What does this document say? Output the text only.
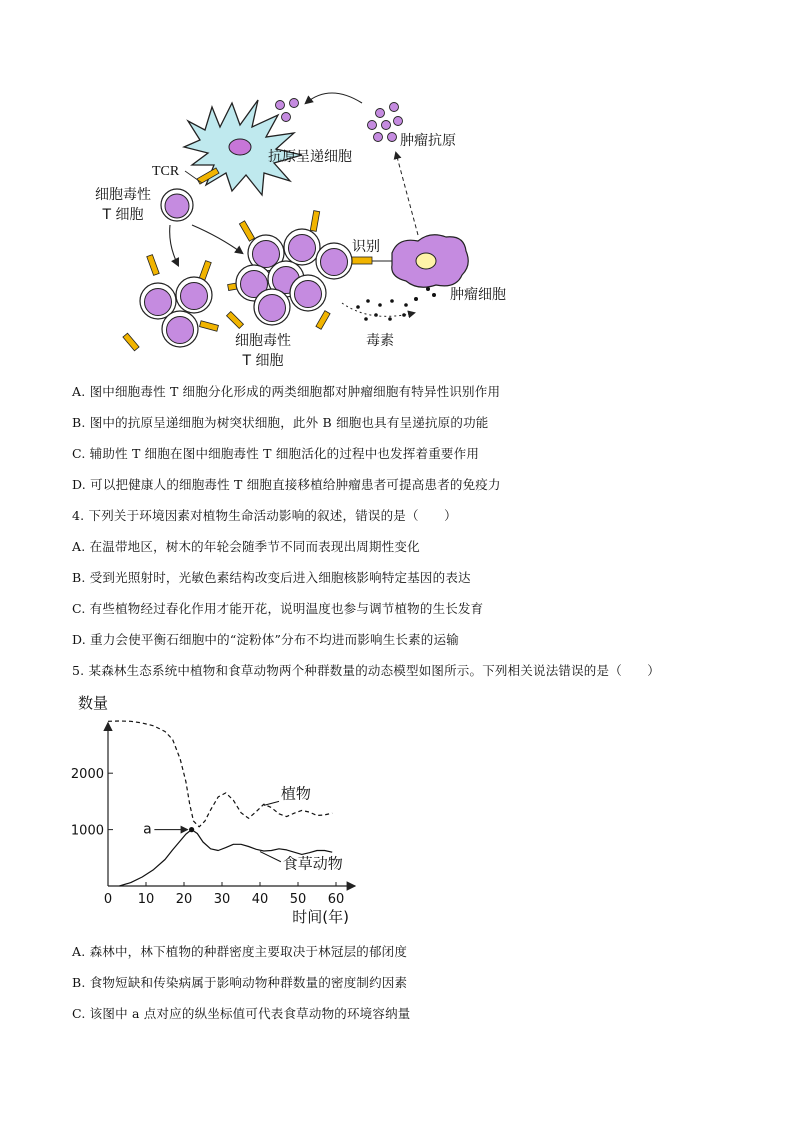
抗原呈递细胞
肿瘤抗原
TCR
细胞毒性
T 细胞
识别
肿瘤细胞
细胞毒性
T 细胞
毒素
A. 图中细胞毒性 T 细胞分化形成的两类细胞都对肿瘤细胞有特异性识别作用
B. 图中的抗原呈递细胞为树突状细胞，此外 B 细胞也具有呈递抗原的功能
C. 辅助性 T 细胞在图中细胞毒性 T 细胞活化的过程中也发挥着重要作用
D. 可以把健康人的细胞毒性 T 细胞直接移植给肿瘤患者可提高患者的免疫力
4. 下列关于环境因素对植物生命活动影响的叙述，错误的是（　　）
A. 在温带地区，树木的年轮会随季节不同而表现出周期性变化
B. 受到光照射时，光敏色素结构改变后进入细胞核影响特定基因的表达
C. 有些植物经过春化作用才能开花，说明温度也参与调节植物的生长发育
D. 重力会使平衡石细胞中的“淀粉体”分布不均进而影响生长素的运输
5. 某森林生态系统中植物和食草动物两个种群数量的动态模型如图所示。下列相关说法错误的是（　　）
0 10 20 30 40 50 60
1000
2000
数量
时间(年)
植物
食草动物
a
A. 森林中，林下植物的种群密度主要取决于林冠层的郁闭度
B. 食物短缺和传染病属于影响动物种群数量的密度制约因素
C. 该图中 a 点对应的纵坐标值可代表食草动物的环境容纳量
